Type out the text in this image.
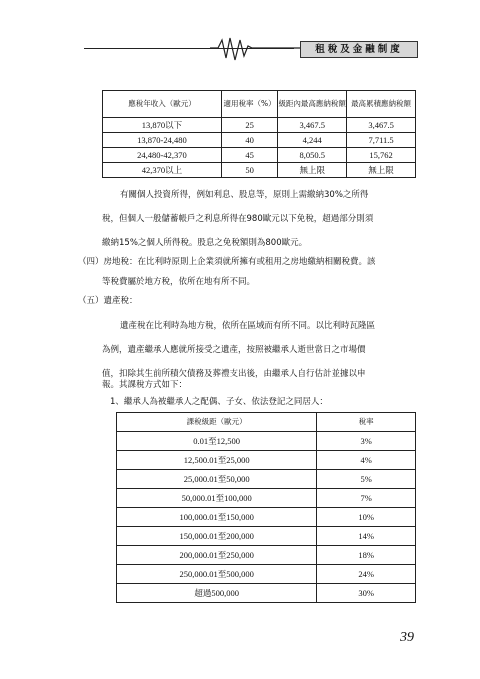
租稅及金融制度
應稅年收入（歐元）	適用稅率（%）	級距內最高應納稅額	最高累積應納稅額
13,870以下	25	3,467.5	3,467.5
13,870-24,480	40	4,244	7,711.5
24,480-42,370	45	8,050.5	15,762
42,370以上	50	無上限	無上限
有關個人投資所得，例如利息、股息等，原則上需繳納30%之所得
稅，但個人一般儲蓄帳戶之利息所得在980歐元以下免稅，超過部分則須
繳納15%之個人所得稅。股息之免稅額則為800歐元。
（四）房地稅：在比利時原則上企業須就所擁有或租用之房地繳納相關稅費。該
等稅費屬於地方稅，依所在地有所不同。
（五）遺產稅：
遺產稅在比利時為地方稅，依所在區域而有所不同。以比利時瓦隆區
為例，遺產繼承人應就所接受之遺產，按照被繼承人逝世當日之市場價
值，扣除其生前所積欠債務及葬禮支出後，由繼承人自行估計並據以申
報。其課稅方式如下：
1、繼承人為被繼承人之配偶、子女、依法登記之同居人：
課稅級距（歐元）	稅率
0.01至12,500	3%
12,500.01至25,000	4%
25,000.01至50,000	5%
50,000.01至100,000	7%
100,000.01至150,000	10%
150,000.01至200,000	14%
200,000.01至250,000	18%
250,000.01至500,000	24%
超過500,000	30%
39
